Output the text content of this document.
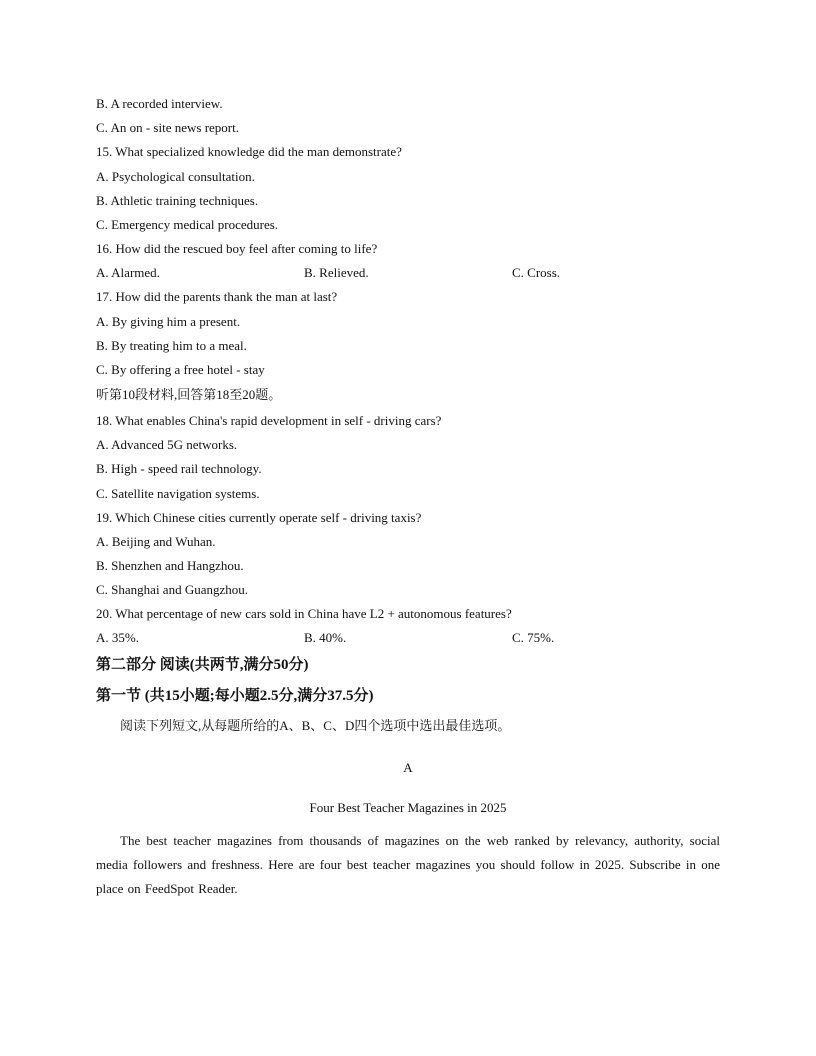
B. A recorded interview.
C. An on - site news report.
15. What specialized knowledge did the man demonstrate?
A. Psychological consultation.
B. Athletic training techniques.
C. Emergency medical procedures.
16. How did the rescued boy feel after coming to life?
A. Alarmed.	B. Relieved.	C. Cross.
17. How did the parents thank the man at last?
A. By giving him a present.
B. By treating him to a meal.
C. By offering a free hotel - stay
听第10段材料,回答第18至20题。
18. What enables China's rapid development in self - driving cars?
A. Advanced 5G networks.
B. High - speed rail technology.
C. Satellite navigation systems.
19. Which Chinese cities currently operate self - driving taxis?
A. Beijing and Wuhan.
B. Shenzhen and Hangzhou.
C. Shanghai and Guangzhou.
20. What percentage of new cars sold in China have L2 + autonomous features?
A. 35%.	B. 40%.	C. 75%.
第二部分 阅读(共两节,满分50分)
第一节 (共15小题;每小题2.5分,满分37.5分)
阅读下列短文,从每题所给的A、B、C、D四个选项中选出最佳选项。
A
Four Best Teacher Magazines in 2025
The best teacher magazines from thousands of magazines on the web ranked by relevancy, authority, social media followers and freshness. Here are four best teacher magazines you should follow in 2025. Subscribe in one place on FeedSpot Reader.
